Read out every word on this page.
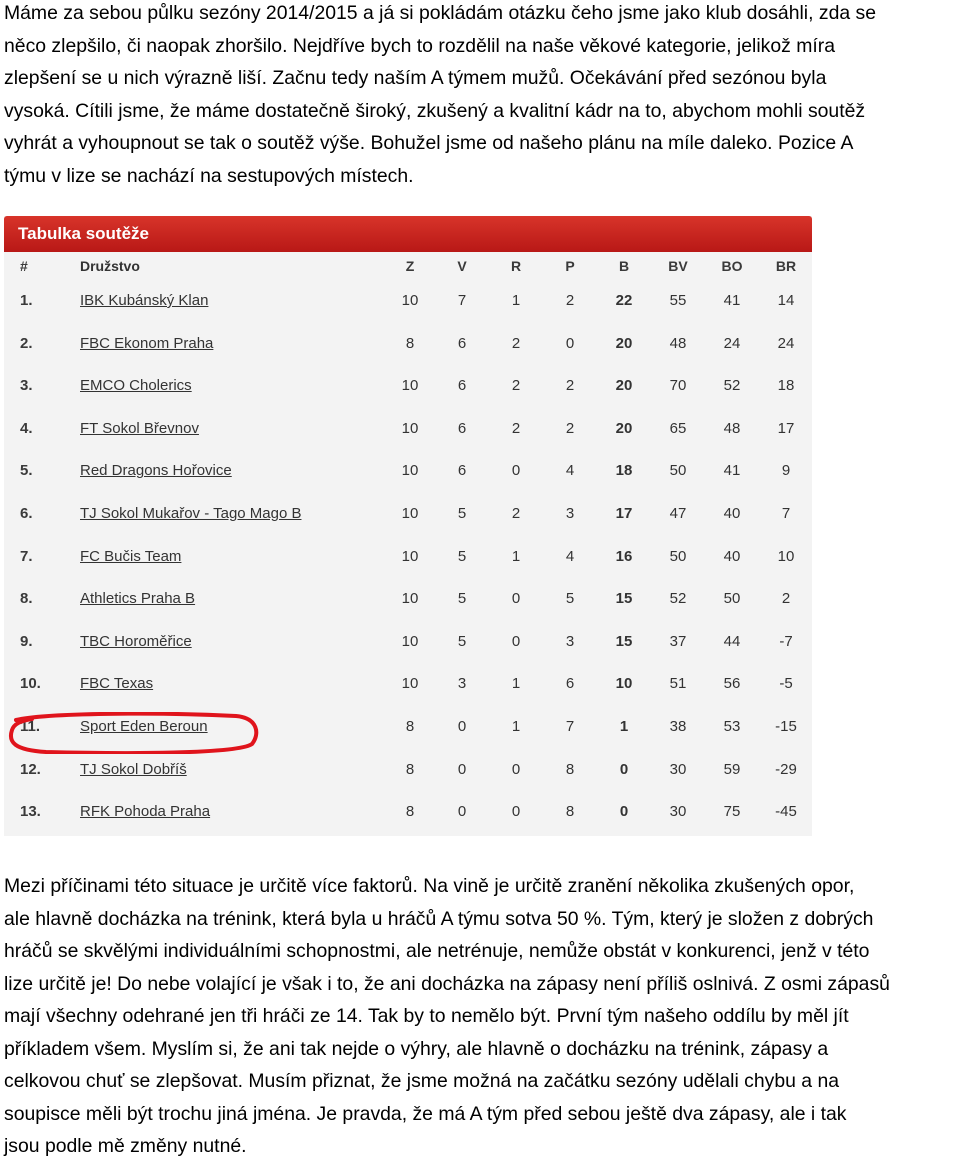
Máme za sebou půlku sezóny 2014/2015 a já si pokládám otázku čeho jsme jako klub dosáhli, zda se
něco zlepšilo, či naopak zhoršilo. Nejdříve bych to rozdělil na naše věkové kategorie, jelikož míra
zlepšení se u nich výrazně liší. Začnu tedy naším A týmem mužů. Očekávání před sezónou byla
vysoká. Cítili jsme, že máme dostatečně široký, zkušený a kvalitní kádr na to, abychom mohli soutěž
vyhrát a vyhoupnout se tak o soutěž výše. Bohužel jsme od našeho plánu na míle daleko. Pozice A
týmu v lize se nachází na sestupových místech.
Tabulka soutěže
#	Družstvo	Z	V	R	P	B	BV	BO	BR
1.	IBK Kubánský Klan	10	7	1	2	22	55	41	14
2.	FBC Ekonom Praha	8	6	2	0	20	48	24	24
3.	EMCO Cholerics	10	6	2	2	20	70	52	18
4.	FT Sokol Břevnov	10	6	2	2	20	65	48	17
5.	Red Dragons Hořovice	10	6	0	4	18	50	41	9
6.	TJ Sokol Mukařov - Tago Mago B	10	5	2	3	17	47	40	7
7.	FC Bučis Team	10	5	1	4	16	50	40	10
8.	Athletics Praha B	10	5	0	5	15	52	50	2
9.	TBC Horoměřice	10	5	0	3	15	37	44	-7
10.	FBC Texas	10	3	1	6	10	51	56	-5
11.	Sport Eden Beroun	8	0	1	7	1	38	53	-15
12.	TJ Sokol Dobříš	8	0	0	8	0	30	59	-29
13.	RFK Pohoda Praha	8	0	0	8	0	30	75	-45
Mezi příčinami této situace je určitě více faktorů. Na vině je určitě zranění několika zkušených opor,
ale hlavně docházka na trénink, která byla u hráčů A týmu sotva 50 %. Tým, který je složen z dobrých
hráčů se skvělými individuálními schopnostmi, ale netrénuje, nemůže obstát v konkurenci, jenž v této
lize určitě je! Do nebe volající je však i to, že ani docházka na zápasy není příliš oslnivá. Z osmi zápasů
mají všechny odehrané jen tři hráči ze 14. Tak by to nemělo být. První tým našeho oddílu by měl jít
příkladem všem. Myslím si, že ani tak nejde o výhry, ale hlavně o docházku na trénink, zápasy a
celkovou chuť se zlepšovat. Musím přiznat, že jsme možná na začátku sezóny udělali chybu a na
soupisce měli být trochu jiná jména. Je pravda, že má A tým před sebou ještě dva zápasy, ale i tak
jsou podle mě změny nutné.
